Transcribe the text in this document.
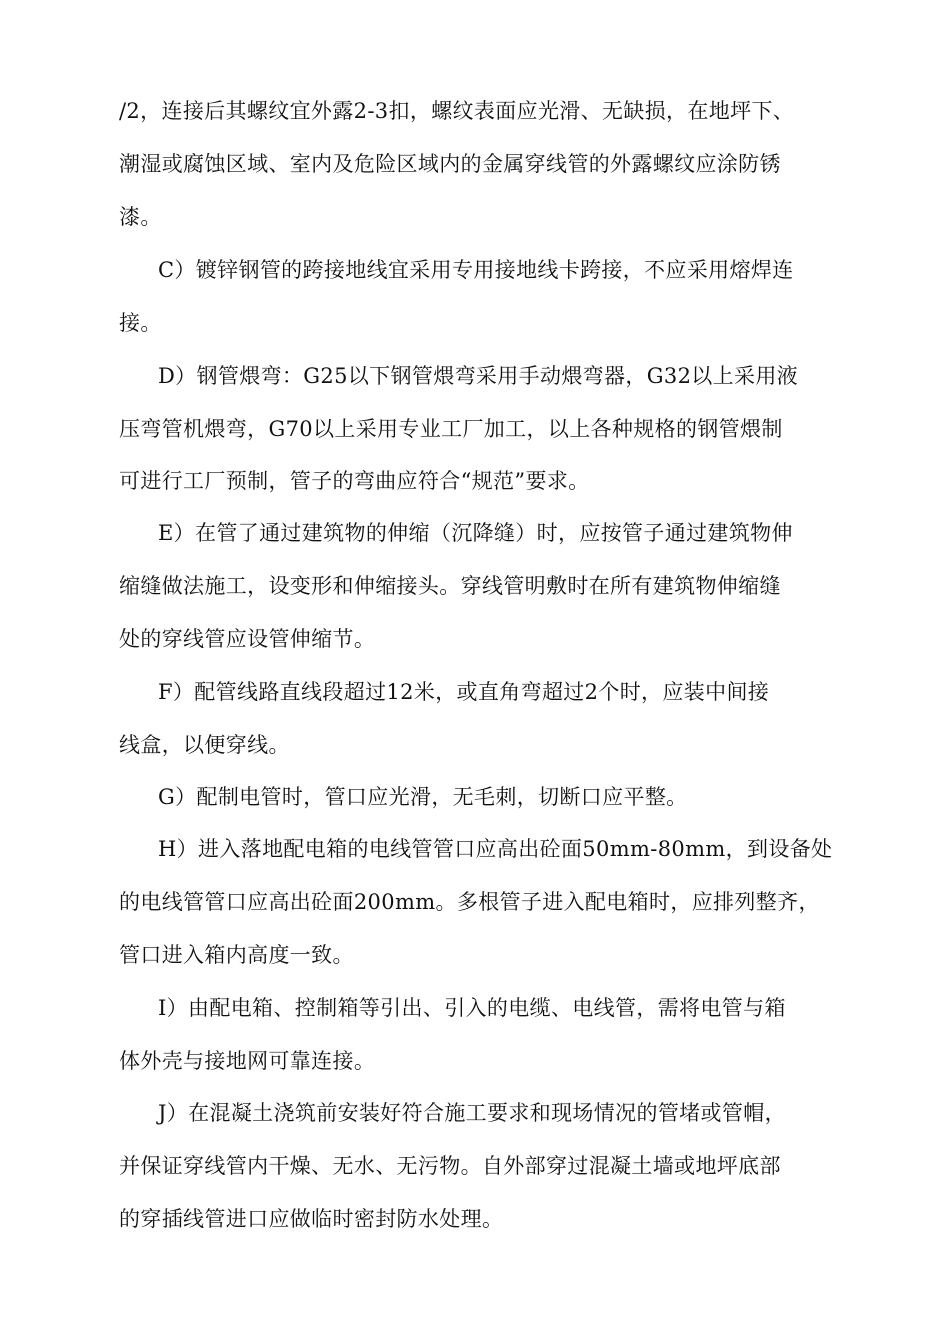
/2，连接后其螺纹宜外露2-3扣，螺纹表面应光滑、无缺损，在地坪下、
潮湿或腐蚀区域、室内及危险区域内的金属穿线管的外露螺纹应涂防锈
漆。
C）镀锌钢管的跨接地线宜采用专用接地线卡跨接，不应采用熔焊连
接。
D）钢管煨弯：G25以下钢管煨弯采用手动煨弯器，G32以上采用液
压弯管机煨弯，G70以上采用专业工厂加工，以上各种规格的钢管煨制
可进行工厂预制，管子的弯曲应符合“规范”要求。
E）在管了通过建筑物的伸缩（沉降缝）时，应按管子通过建筑物伸
缩缝做法施工，设变形和伸缩接头。穿线管明敷时在所有建筑物伸缩缝
处的穿线管应设管伸缩节。
F）配管线路直线段超过12米，或直角弯超过2个时，应装中间接
线盒，以便穿线。
G）配制电管时，管口应光滑，无毛刺，切断口应平整。
H）进入落地配电箱的电线管管口应高出砼面50mm-80mm，到设备处
的电线管管口应高出砼面200mm。多根管子进入配电箱时，应排列整齐，
管口进入箱内高度一致。
I）由配电箱、控制箱等引出、引入的电缆、电线管，需将电管与箱
体外壳与接地网可靠连接。
J）在混凝土浇筑前安装好符合施工要求和现场情况的管堵或管帽，
并保证穿线管内干燥、无水、无污物。自外部穿过混凝土墙或地坪底部
的穿插线管进口应做临时密封防水处理。
